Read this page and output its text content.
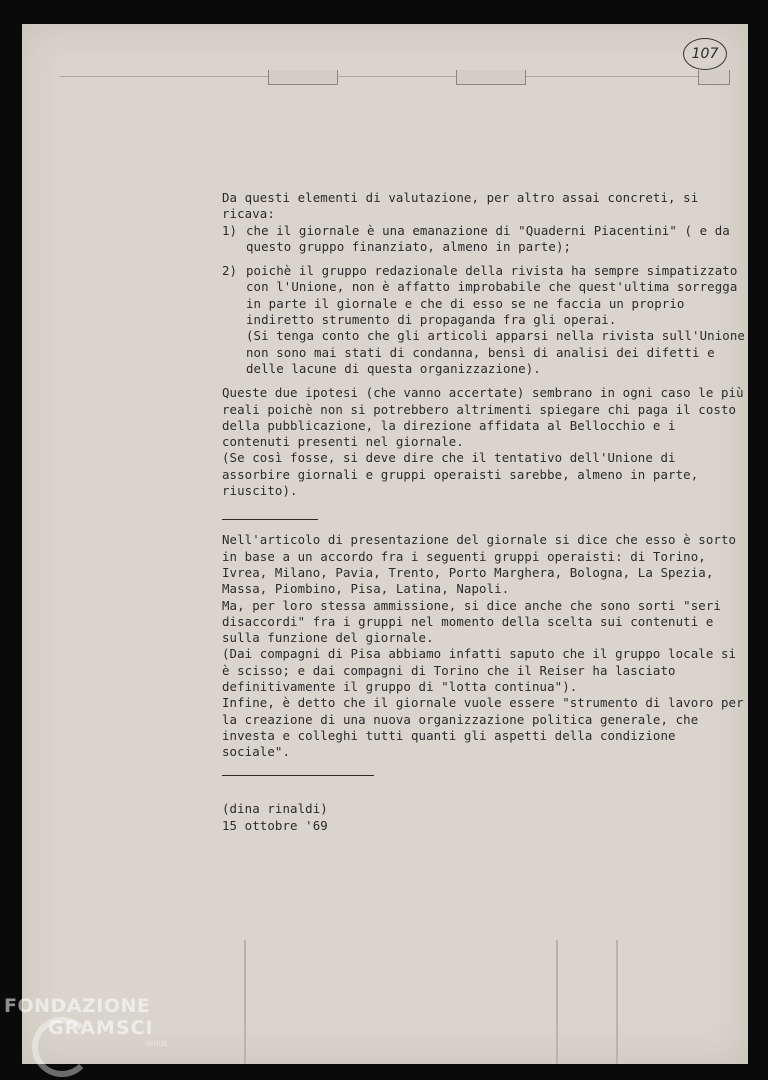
107

Da questi elementi di valutazione, per altro assai concreti, si ricava:

1) che il giornale è una emanazione di "Quaderni Piacentini" ( e da questo gruppo finanziato, almeno in parte);

2) poichè il gruppo redazionale della rivista ha sempre simpatizzato con l'Unione, non è affatto improbabile che quest'ultima sorregga in parte il giornale e che di esso se ne faccia un proprio indiretto strumento di propaganda fra gli operai.

(Si tenga conto che gli articoli apparsi nella rivista sull'Unione non sono mai stati di condanna, bensì di analisi dei difetti e delle lacune di questa organizzazione).

Queste due ipotesi (che vanno accertate) sembrano in ogni caso le più reali poichè non si potrebbero altrimenti spiegare chi paga il costo della pubblicazione, la direzione affidata al Bellocchio e i contenuti presenti nel giornale.

(Se così fosse, si deve dire che il tentativo dell'Unione di assorbire giornali e gruppi operaisti sarebbe, almeno in parte, riuscito).

Nell'articolo di presentazione del giornale si dice che esso è sorto in base a un accordo fra i seguenti gruppi operaisti: di Torino, Ivrea, Milano, Pavia, Trento, Porto Marghera, Bologna, La Spezia, Massa, Piombino, Pisa, Latina, Napoli.

Ma, per loro stessa ammissione, si dice anche che sono sorti "seri disaccordi" fra i gruppi nel momento della scelta sui contenuti e sulla funzione del giornale.

(Dai compagni di Pisa abbiamo infatti saputo che il gruppo locale si è scisso; e dai compagni di Torino che il Reiser ha lasciato definitivamente il gruppo di "lotta continua").

Infine, è detto che il giornale vuole essere "strumento di lavoro per la creazione di una nuova organizzazione politica generale, che investa e colleghi tutti quanti gli aspetti della condizione sociale".

(dina rinaldi)

15 ottobre '69

FONDAZIONE
GRAMSCI
onlus
